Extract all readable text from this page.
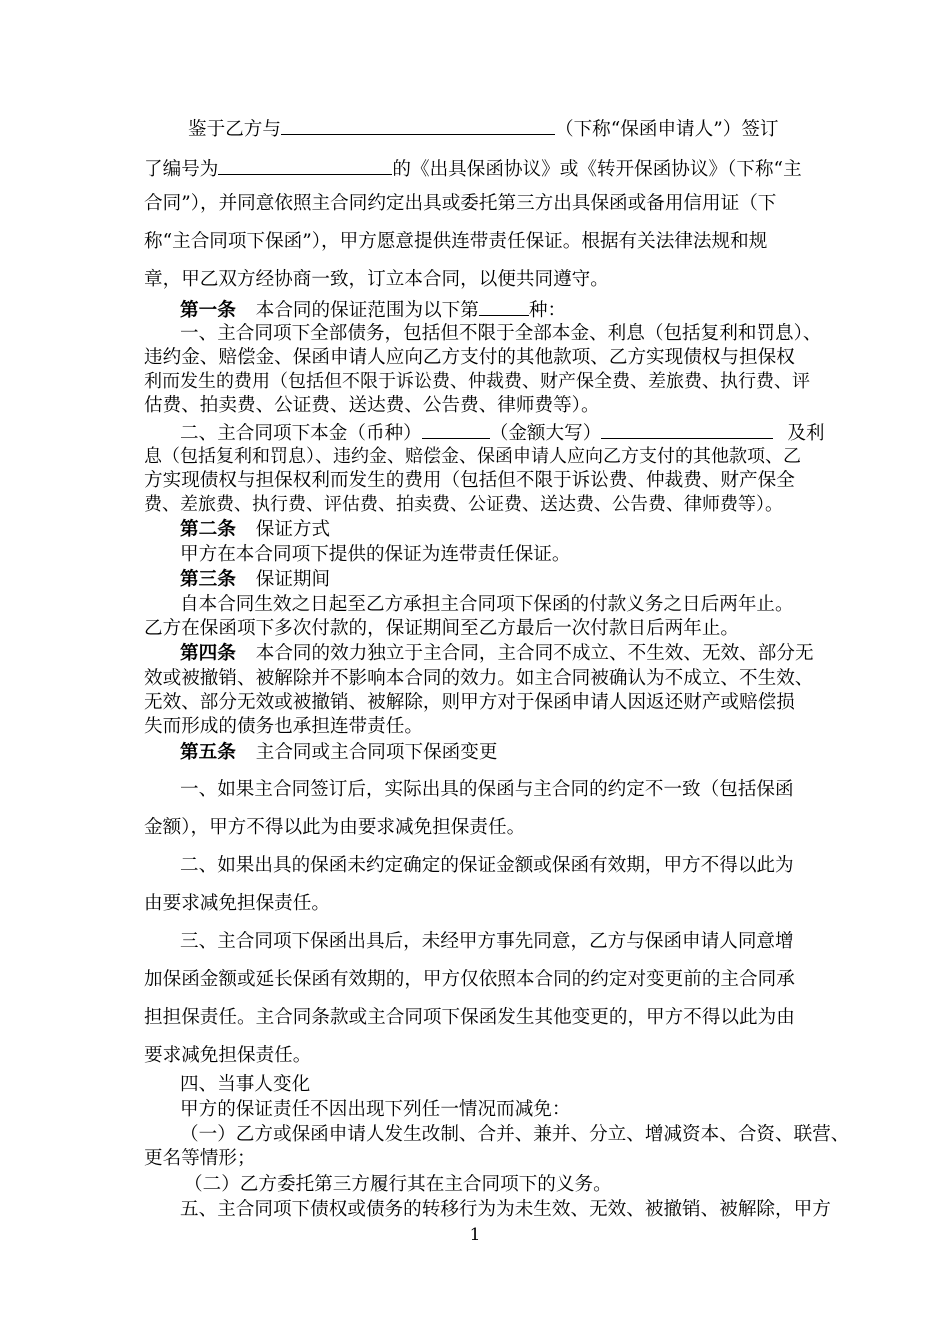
鉴于乙方与	（下称“保函申请人”）签订
了编号为	的《出具保函协议》或《转开保函协议》（下称“主
合同”），并同意依照主合同约定出具或委托第三方出具保函或备用信用证（下
称“主合同项下保函”），甲方愿意提供连带责任保证。根据有关法律法规和规
章，甲乙双方经协商一致，订立本合同，以便共同遵守。
第一条 本合同的保证范围为以下第	种：
一、主合同项下全部债务，包括但不限于全部本金、利息（包括复利和罚息）、
违约金、赔偿金、保函申请人应向乙方支付的其他款项、乙方实现债权与担保权
利而发生的费用（包括但不限于诉讼费、仲裁费、财产保全费、差旅费、执行费、评
估费、拍卖费、公证费、送达费、公告费、律师费等）。
二、主合同项下本金（币种）	（金额大写）	及利
息（包括复利和罚息）、违约金、赔偿金、保函申请人应向乙方支付的其他款项、乙
方实现债权与担保权利而发生的费用（包括但不限于诉讼费、仲裁费、财产保全
费、差旅费、执行费、评估费、拍卖费、公证费、送达费、公告费、律师费等）。
第二条 保证方式
甲方在本合同项下提供的保证为连带责任保证。
第三条 保证期间
自本合同生效之日起至乙方承担主合同项下保函的付款义务之日后两年止。
乙方在保函项下多次付款的，保证期间至乙方最后一次付款日后两年止。
第四条 本合同的效力独立于主合同，主合同不成立、不生效、无效、部分无
效或被撤销、被解除并不影响本合同的效力。如主合同被确认为不成立、不生效、
无效、部分无效或被撤销、被解除，则甲方对于保函申请人因返还财产或赔偿损
失而形成的债务也承担连带责任。
第五条 主合同或主合同项下保函变更
一、如果主合同签订后，实际出具的保函与主合同的约定不一致（包括保函
金额），甲方不得以此为由要求减免担保责任。
二、如果出具的保函未约定确定的保证金额或保函有效期，甲方不得以此为
由要求减免担保责任。
三、主合同项下保函出具后，未经甲方事先同意，乙方与保函申请人同意增
加保函金额或延长保函有效期的，甲方仅依照本合同的约定对变更前的主合同承
担担保责任。主合同条款或主合同项下保函发生其他变更的，甲方不得以此为由
要求减免担保责任。
四、当事人变化
甲方的保证责任不因出现下列任一情况而减免：
（一）乙方或保函申请人发生改制、合并、兼并、分立、增减资本、合资、联营、
更名等情形；
（二）乙方委托第三方履行其在主合同项下的义务。
五、主合同项下债权或债务的转移行为为未生效、无效、被撤销、被解除，甲方
1
